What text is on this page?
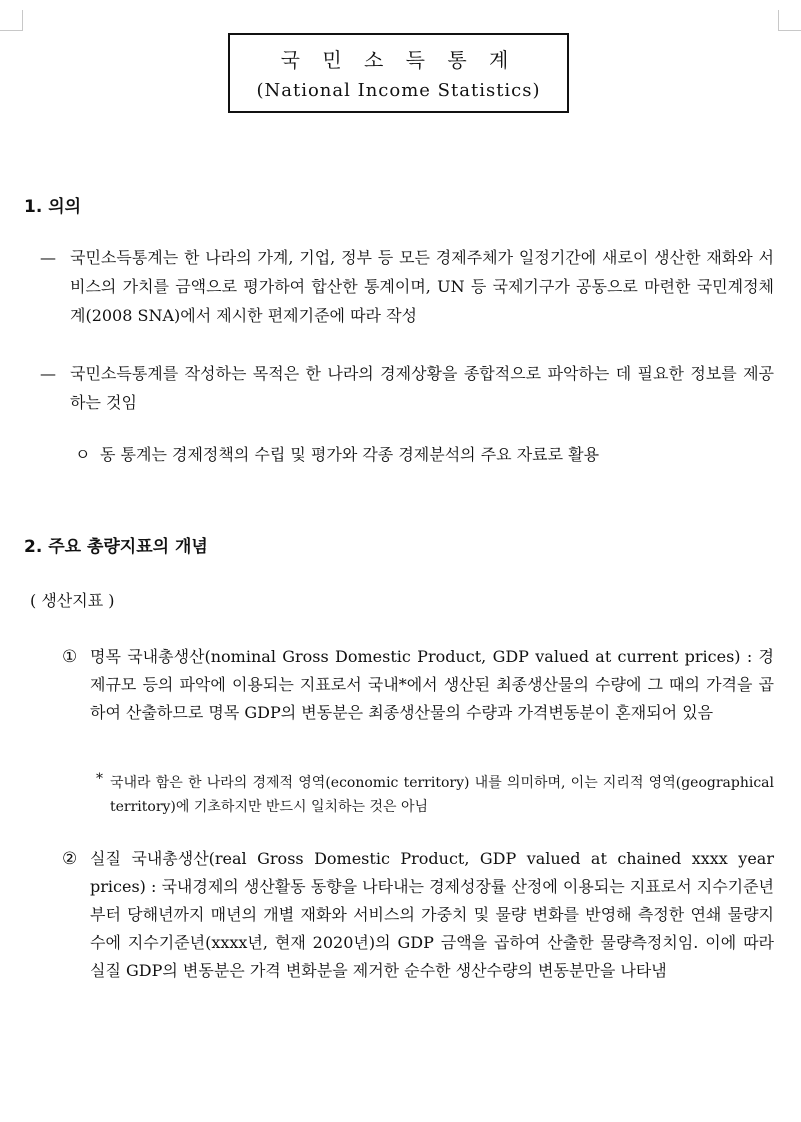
국 민 소 득 통 계
(National Income Statistics)
1. 의의
— 국민소득통계는 한 나라의 가계, 기업, 정부 등 모든 경제주체가 일정기간에 새로이 생산한 재화와 서비스의 가치를 금액으로 평가하여 합산한 통계이며, UN 등 국제기구가 공동으로 마련한 국민계정체계(2008 SNA)에서 제시한 편제기준에 따라 작성
— 국민소득통계를 작성하는 목적은 한 나라의 경제상황을 종합적으로 파악하는 데 필요한 정보를 제공하는 것임
ㅇ 동 통계는 경제정책의 수립 및 평가와 각종 경제분석의 주요 자료로 활용
2. 주요 총량지표의 개념
( 생산지표 )
① 명목 국내총생산(nominal Gross Domestic Product, GDP valued at current prices) : 경제규모 등의 파악에 이용되는 지표로서 국내*에서 생산된 최종생산물의 수량에 그 때의 가격을 곱하여 산출하므로 명목 GDP의 변동분은 최종생산물의 수량과 가격변동분이 혼재되어 있음
* 국내라 함은 한 나라의 경제적 영역(economic territory) 내를 의미하며, 이는 지리적 영역(geographical territory)에 기초하지만 반드시 일치하는 것은 아님
② 실질 국내총생산(real Gross Domestic Product, GDP valued at chained xxxx year prices) : 국내경제의 생산활동 동향을 나타내는 경제성장률 산정에 이용되는 지표로서 지수기준년부터 당해년까지 매년의 개별 재화와 서비스의 가중치 및 물량 변화를 반영해 측정한 연쇄 물량지수에 지수기준년(xxxx년, 현재 2020년)의 GDP 금액을 곱하여 산출한 물량측정치임. 이에 따라 실질 GDP의 변동분은 가격 변화분을 제거한 순수한 생산수량의 변동분만을 나타냄
